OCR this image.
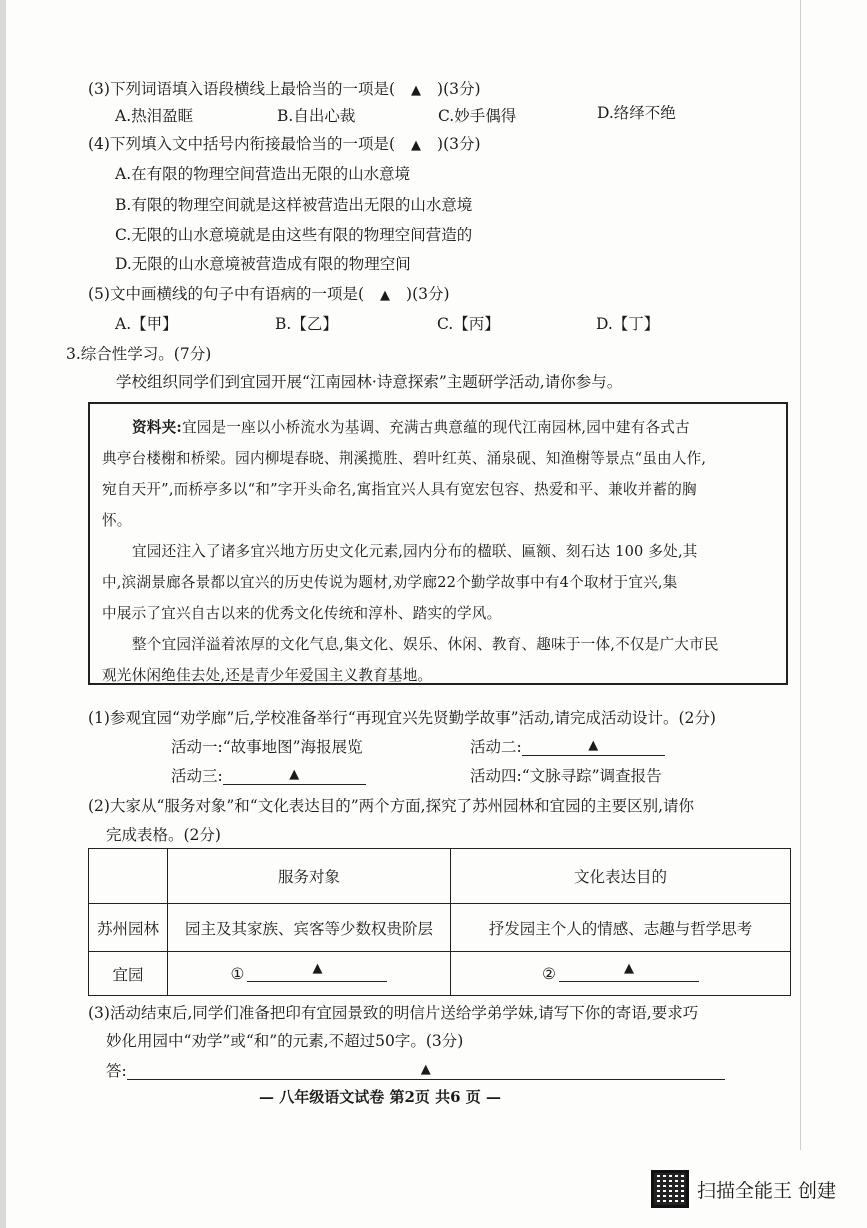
(3)下列词语填入语段横线上最恰当的一项是( ▲ )(3分)
A.热泪盈眶	B.自出心裁	C.妙手偶得	D.络绎不绝
(4)下列填入文中括号内衔接最恰当的一项是( ▲ )(3分)
A.在有限的物理空间营造出无限的山水意境
B.有限的物理空间就是这样被营造出无限的山水意境
C.无限的山水意境就是由这些有限的物理空间营造的
D.无限的山水意境被营造成有限的物理空间
(5)文中画横线的句子中有语病的一项是( ▲ )(3分)
A.【甲】	B.【乙】	C.【丙】	D.【丁】
3.综合性学习。(7分)
学校组织同学们到宜园开展“江南园林·诗意探索”主题研学活动,请你参与。

资料夹:宜园是一座以小桥流水为基调、充满古典意蕴的现代江南园林,园中建有各式古

典亭台楼榭和桥梁。园内柳堤春晓、荆溪揽胜、碧叶红英、涌泉砚、知渔榭等景点“虽由人作,

宛自天开”,而桥亭多以“和”字开头命名,寓指宜兴人具有宽宏包容、热爱和平、兼收并蓄的胸

怀。

宜园还注入了诸多宜兴地方历史文化元素,园内分布的楹联、匾额、刻石达 100 多处,其

中,滨湖景廊各景都以宜兴的历史传说为题材,劝学廊22个勤学故事中有4个取材于宜兴,集

中展示了宜兴自古以来的优秀文化传统和淳朴、踏实的学风。

整个宜园洋溢着浓厚的文化气息,集文化、娱乐、休闲、教育、趣味于一体,不仅是广大市民

观光休闲绝佳去处,还是青少年爱国主义教育基地。

(1)参观宜园“劝学廊”后,学校准备举行“再现宜兴先贤勤学故事”活动,请完成活动设计。(2分)
活动一:“故事地图”海报展览	活动二:	▲
活动三:	▲	活动四:“文脉寻踪”调查报告
(2)大家从“服务对象”和“文化表达目的”两个方面,探究了苏州园林和宜园的主要区别,请你
完成表格。(2分)
	服务对象	文化表达目的
苏州园林	园主及其家族、宾客等少数权贵阶层	抒发园主个人的情感、志趣与哲学思考
宜园	① ▲	② ▲
(3)活动结束后,同学们准备把印有宜园景致的明信片送给学弟学妹,请写下你的寄语,要求巧
妙化用园中“劝学”或“和”的元素,不超过50字。(3分)
答:	▲
— 八年级语文试卷 第2页 共6 页 —
扫描全能王 创建
